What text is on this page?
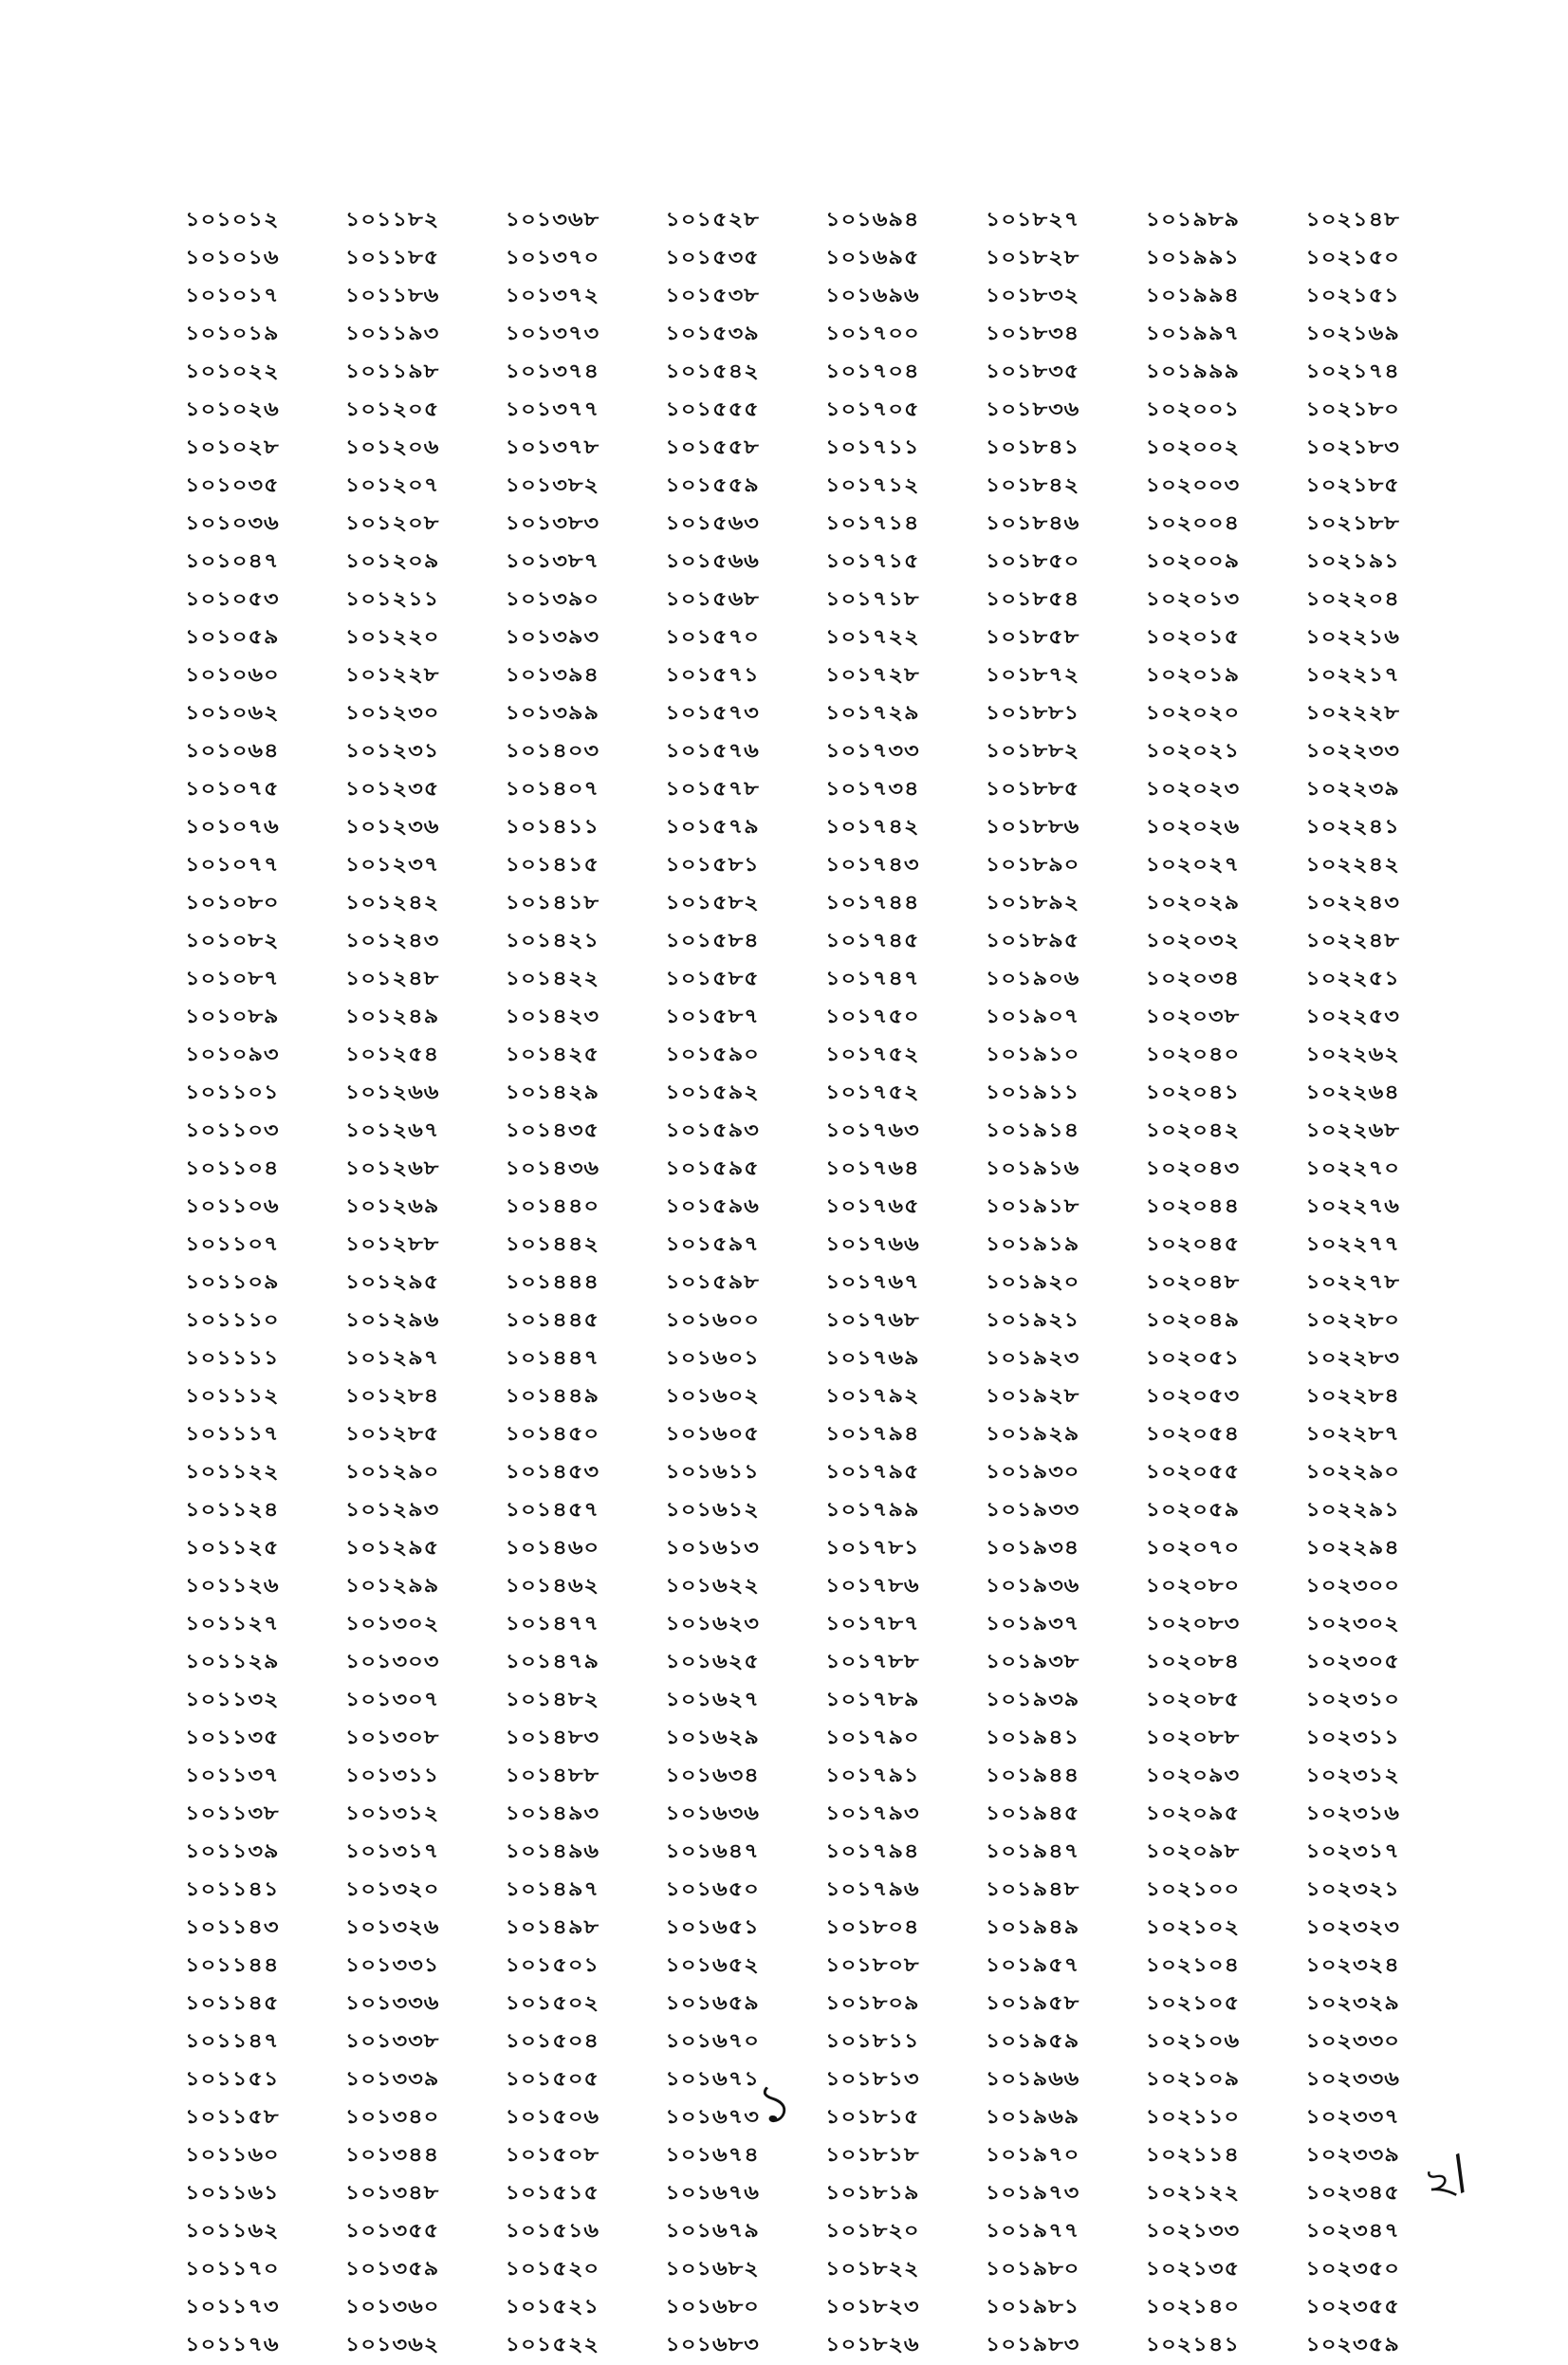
১০১০১২	১০১১৮২	১০১৩৬৮	১০১৫২৮	১০১৬৯৪	১০১৮২৭	১০১৯৮৯	১০২১৪৮
১০১০১৬	১০১১৮৫	১০১৩৭০	১০১৫৩৫	১০১৬৯৫	১০১৮২৮	১০১৯৯১	১০২১৫০
১০১০১৭	১০১১৮৬	১০১৩৭২	১০১৫৩৮	১০১৬৯৬	১০১৮৩২	১০১৯৯৪	১০২১৫১
১০১০১৯	১০১১৯৩	১০১৩৭৩	১০১৫৩৯	১০১৭০০	১০১৮৩৪	১০১৯৯৭	১০২১৬৯
১০১০২২	১০১১৯৮	১০১৩৭৪	১০১৫৪২	১০১৭০৪	১০১৮৩৫	১০১৯৯৯	১০২১৭৪
১০১০২৬	১০১২০৫	১০১৩৭৭	১০১৫৫৫	১০১৭০৫	১০১৮৩৬	১০২০০১	১০২১৮০
১০১০২৮	১০১২০৬	১০১৩৭৮	১০১৫৫৮	১০১৭১১	১০১৮৪১	১০২০০২	১০২১৮৩
১০১০৩৫	১০১২০৭	১০১৩৮২	১০১৫৫৯	১০১৭১২	১০১৮৪২	১০২০০৩	১০২১৮৫
১০১০৩৬	১০১২০৮	১০১৩৮৩	১০১৫৬৩	১০১৭১৪	১০১৮৪৬	১০২০০৪	১০২১৮৮
১০১০৪৭	১০১২০৯	১০১৩৮৭	১০১৫৬৬	১০১৭১৫	১০১৮৫০	১০২০০৯	১০২১৯১
১০১০৫৩	১০১২১১	১০১৩৯০	১০১৫৬৮	১০১৭১৮	১০১৮৫৪	১০২০১৩	১০২২০৪
১০১০৫৯	১০১২২০	১০১৩৯৩	১০১৫৭০	১০১৭২২	১০১৮৫৮	১০২০১৫	১০২২১৬
১০১০৬০	১০১২২৮	১০১৩৯৪	১০১৫৭১	১০১৭২৮	১০১৮৭২	১০২০১৯	১০২২১৭
১০১০৬২	১০১২৩০	১০১৩৯৯	১০১৫৭৩	১০১৭২৯	১০১৮৮১	১০২০২০	১০২২২৮
১০১০৬৪	১০১২৩১	১০১৪০৩	১০১৫৭৬	১০১৭৩৩	১০১৮৮২	১০২০২১	১০২২৩৩
১০১০৭৫	১০১২৩৫	১০১৪০৭	১০১৫৭৮	১০১৭৩৪	১০১৮৮৫	১০২০২৩	১০২২৩৯
১০১০৭৬	১০১২৩৬	১০১৪১১	১০১৫৭৯	১০১৭৪২	১০১৮৮৬	১০২০২৬	১০২২৪১
১০১০৭৭	১০১২৩৭	১০১৪১৫	১০১৫৮১	১০১৭৪৩	১০১৮৯০	১০২০২৭	১০২২৪২
১০১০৮০	১০১২৪২	১০১৪১৮	১০১৫৮২	১০১৭৪৪	১০১৮৯২	১০২০২৯	১০২২৪৩
১০১০৮২	১০১২৪৩	১০১৪২১	১০১৫৮৪	১০১৭৪৫	১০১৮৯৫	১০২০৩২	১০২২৪৮
১০১০৮৭	১০১২৪৮	১০১৪২২	১০১৫৮৫	১০১৭৪৭	১০১৯০৬	১০২০৩৪	১০২২৫১
১০১০৮৯	১০১২৪৯	১০১৪২৩	১০১৫৮৭	১০১৭৫০	১০১৯০৭	১০২০৩৮	১০২২৫৩
১০১০৯৩	১০১২৫৪	১০১৪২৫	১০১৫৯০	১০১৭৫২	১০১৯১০	১০২০৪০	১০২২৬২
১০১১০১	১০১২৬৬	১০১৪২৯	১০১৫৯২	১০১৭৫২	১০১৯১১	১০২০৪১	১০২২৬৪
১০১১০৩	১০১২৬৭	১০১৪৩৫	১০১৫৯৩	১০১৭৬৩	১০১৯১৪	১০২০৪২	১০২২৬৮
১০১১০৪	১০১২৬৮	১০১৪৩৬	১০১৫৯৫	১০১৭৬৪	১০১৯১৬	১০২০৪৩	১০২২৭০
১০১১০৬	১০১২৬৯	১০১৪৪০	১০১৫৯৬	১০১৭৬৫	১০১৯১৮	১০২০৪৪	১০২২৭৬
১০১১০৭	১০১২৮৮	১০১৪৪২	১০১৫৯৭	১০১৭৬৬	১০১৯১৯	১০২০৪৫	১০২২৭৭
১০১১০৯	১০১২৯৫	১০১৪৪৪	১০১৫৯৮	১০১৭৬৭	১০১৯২০	১০২০৪৮	১০২২৭৮
১০১১১০	১০১২৯৬	১০১৪৪৫	১০১৬০০	১০১৭৬৮	১০১৯২১	১০২০৪৯	১০২২৮০
১০১১১১	১০১২৯৭	১০১৪৪৭	১০১৬০১	১০১৭৬৯	১০১৯২৩	১০২০৫১	১০২২৮৩
১০১১১২	১০১২৮৪	১০১৪৪৯	১০১৬০২	১০১৭৯২	১০১৯২৮	১০২০৫৩	১০২২৮৪
১০১১১৭	১০১২৮৫	১০১৪৫০	১০১৬০৫	১০১৭৯৪	১০১৯২৯	১০২০৫৪	১০২২৮৭
১০১১২২	১০১২৯০	১০১৪৫৩	১০১৬১১	১০১৭৯৫	১০১৯৩০	১০২০৫৫	১০২২৯০
১০১১২৪	১০১২৯৩	১০১৪৫৭	১০১৬১২	১০১৭৯৯	১০১৯৩৩	১০২০৫৯	১০২২৯১
১০১১২৫	১০১২৯৫	১০১৪৬০	১০১৬১৩	১০১৭৮১	১০১৯৩৪	১০২০৭০	১০২২৯৪
১০১১২৬	১০১২৯৯	১০১৪৬২	১০১৬২২	১০১৭৮৬	১০১৯৩৬	১০২০৮০	১০২৩০০
১০১১২৭	১০১৩০২	১০১৪৭৭	১০১৬২৩	১০১৭৮৭	১০১৯৩৭	১০২০৮৩	১০২৩০২
১০১১২৯	১০১৩০৩	১০১৪৭৯	১০১৬২৫	১০১৭৮৮	১০১৯৩৮	১০২০৮৪	১০২৩০৫
১০১১৩২	১০১৩০৭	১০১৪৮২	১০১৬২৭	১০১৭৮৯	১০১৯৩৯	১০২০৮৫	১০২৩১০
১০১১৩৫	১০১৩০৮	১০১৪৮৩	১০১৬২৯	১০১৭৯০	১০১৯৪১	১০২০৮৮	১০২৩১১
১০১১৩৭	১০১৩১১	১০১৪৮৮	১০১৬৩৪	১০১৭৯১	১০১৯৪৪	১০২০৯৩	১০২৩১২
১০১১৩৮	১০১৩১২	১০১৪৯৩	১০১৬৩৬	১০১৭৯৩	১০১৯৪৫	১০২০৯৫	১০২৩১৬
১০১১৩৯	১০১৩১৭	১০১৪৯৬	১০১৬৪৭	১০১৭৯৪	১০১৯৪৭	১০২০৯৮	১০২৩১৭
১০১১৪১	১০১৩২০	১০১৪৯৭	১০১৬৫০	১০১৭৯৬	১০১৯৪৮	১০২১০০	১০২৩২১
১০১১৪৩	১০১৩২৬	১০১৪৯৮	১০১৬৫১	১০১৮০৪	১০১৯৪৯	১০২১০২	১০২৩২৩
১০১১৪৪	১০১৩৩১	১০১৫০১	১০১৬৫২	১০১৮০৮	১০১৯৫৭	১০২১০৪	১০২৩২৪
১০১১৪৫	১০১৩৩৬	১০১৫০২	১০১৬৫৯	১০১৮০৯	১০১৯৫৮	১০২১০৫	১০২৩২৯
১০১১৪৭	১০১৩৩৮	১০১৫০৪	১০১৬৭০	১০১৮১১	১০১৯৫৯	১০২১০৬	১০২৩৩০
১০১১৫১	১০১৩৩৯	১০১৫০৫	১০১৬৭১	১০১৮১৩	১০১৯৬৬	১০২১০৯	১০২৩৩৬
১০১১৫৮	১০১৩৪০	১০১৫০৬	১০১৬৭৩	১০১৮১৫	১০১৯৬৯	১০২১১০	১০২৩৩৭
১০১১৬০	১০১৩৪৪	১০১৫০৮	১০১৬৭৪	১০১৮১৮	১০১৯৭০	১০২১১৪	১০২৩৩৯
১০১১৬১	১০১৩৪৮	১০১৫১৫	১০১৬৭৬	১০১৮১৯	১০১৯৭৩	১০২১২২	১০২৩৪৫
১০১১৬২	১০১৩৫৫	১০১৫১৬	১০১৬৭৯	১০১৮২০	১০১৯৭৭	১০২১৩৩	১০২৩৪৭
১০১১৭০	১০১৩৫৯	১০১৫২০	১০১৬৮২	১০১৮২২	১০১৯৮০	১০২১৩৫	১০২৩৫০
১০১১৭৩	১০১৩৬০	১০১৫২১	১০১৬৮০	১০১৮২৩	১০১৯৮১	১০২১৪০	১০২৩৫৫
১০১১৭৬	১০১৩৬২	১০১৫২২	১০১৬৮৩	১০১৮২৬	১০১৯৮৩	১০২১৪১	১০২৩৫৯
১
২/
